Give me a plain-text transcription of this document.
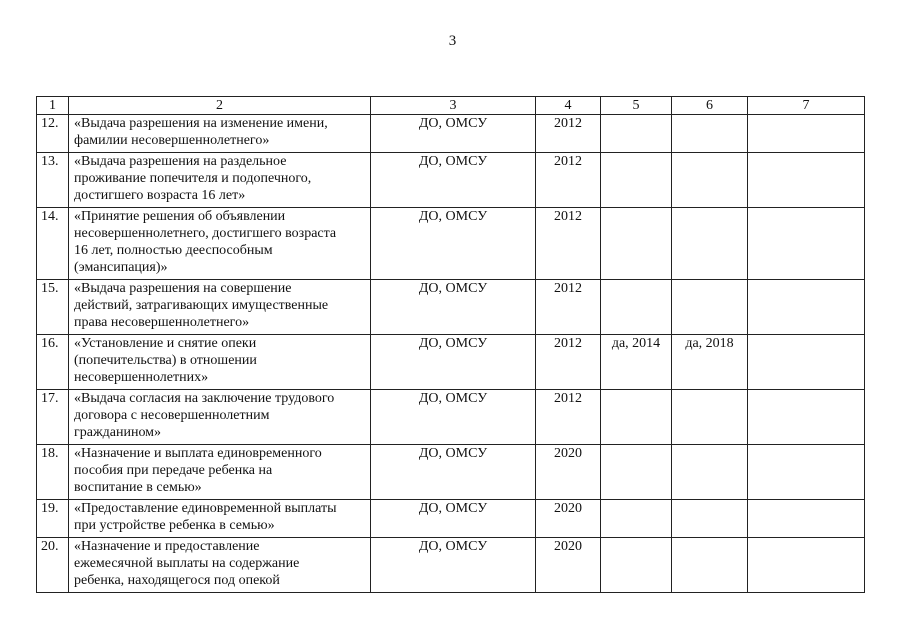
3
1	2	3	4	5	6	7

12.	«Выдача разрешения на изменение имени,
фамилии несовершеннолетнего»	ДО, ОМСУ	2012			

13.	«Выдача разрешения на раздельное
проживание попечителя и подопечного,
достигшего возраста 16 лет»	ДО, ОМСУ	2012			

14.	«Принятие решения об объявлении
несовершеннолетнего, достигшего возраста
16 лет, полностью дееспособным
(эмансипация)»	ДО, ОМСУ	2012			

15.	«Выдача разрешения на совершение
действий, затрагивающих имущественные
права несовершеннолетнего»	ДО, ОМСУ	2012			

16.	«Установление и снятие опеки
(попечительства) в отношении
несовершеннолетних»	ДО, ОМСУ	2012	да, 2014	да, 2018	

17.	«Выдача согласия на заключение трудового
договора с несовершеннолетним
гражданином»	ДО, ОМСУ	2012			

18.	«Назначение и выплата единовременного
пособия при передаче ребенка на
воспитание в семью»	ДО, ОМСУ	2020			

19.	«Предоставление единовременной выплаты
при устройстве ребенка в семью»	ДО, ОМСУ	2020			

20.	«Назначение и предоставление
ежемесячной выплаты на содержание
ребенка, находящегося под опекой	ДО, ОМСУ	2020			
